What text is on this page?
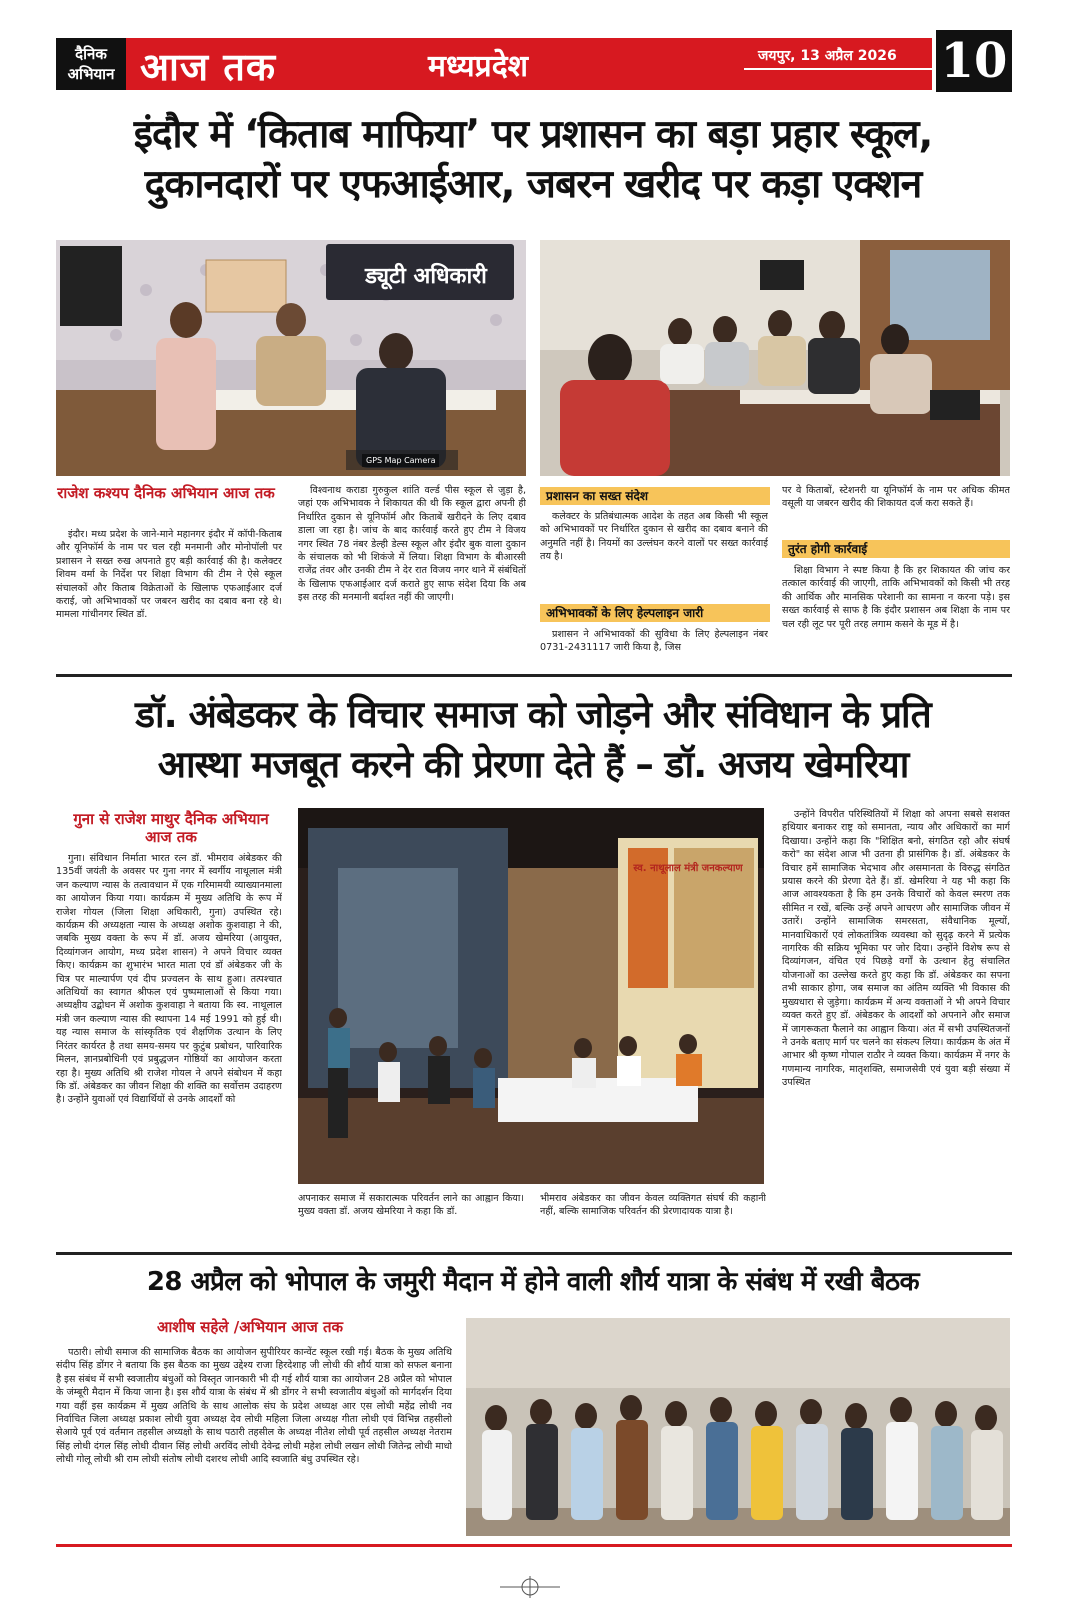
दैनिक
अभियान आज तक	मध्यप्रदेश	जयपुर, 13 अप्रैल 2026 10
इंदौर में ‘किताब माफिया’ पर प्रशासन का बड़ा प्रहार स्कूल,
दुकानदारों पर एफआईआर, जबरन खरीद पर कड़ा एक्शन
GPS Map Camera
ड्यूटी अधिकारी
राजेश कश्यप दैनिक अभियान आज तक

इंदौर। मध्य प्रदेश के जाने-माने महानगर इंदौर में कॉपी-किताब और यूनिफॉर्म के नाम पर चल रही मनमानी और मोनोपॉली पर प्रशासन ने सख्त रुख अपनाते हुए बड़ी कार्रवाई की है। कलेक्टर शिवम वर्मा के निर्देश पर शिक्षा विभाग की टीम ने ऐसे स्कूल संचालकों और किताब विक्रेताओं के खिलाफ एफआईआर दर्ज कराई, जो अभिभावकों पर जबरन खरीद का दबाव बना रहे थे। मामला गांधीनगर स्थित डॉ.

विश्वनाथ कराडा गुरुकुल शांति वर्ल्ड पीस स्कूल से जुड़ा है, जहां एक अभिभावक ने शिकायत की थी कि स्कूल द्वारा अपनी ही निर्धारित दुकान से यूनिफॉर्म और किताबें खरीदने के लिए दबाव डाला जा रहा है। जांच के बाद कार्रवाई करते हुए टीम ने विजय नगर स्थित 78 नंबर डेल्ही डेल्स स्कूल और इंदौर बुक वाला दुकान के संचालक को भी शिकंजे में लिया। शिक्षा विभाग के बीआरसी राजेंद्र तंवर और उनकी टीम ने देर रात विजय नगर थाने में संबंधितों के खिलाफ एफआईआर दर्ज कराते हुए साफ संदेश दिया कि अब इस तरह की मनमानी बर्दाश्त नहीं की जाएगी।

प्रशासन का सख्त संदेश

कलेक्टर के प्रतिबंधात्मक आदेश के तहत अब किसी भी स्कूल को अभिभावकों पर निर्धारित दुकान से खरीद का दबाव बनाने की अनुमति नहीं है। नियमों का उल्लंघन करने वालों पर सख्त कार्रवाई तय है।

अभिभावकों के लिए हेल्पलाइन जारी

प्रशासन ने अभिभावकों की सुविधा के लिए हेल्पलाइन नंबर 0731-2431117 जारी किया है, जिस

पर वे किताबों, स्टेशनरी या यूनिफॉर्म के नाम पर अधिक कीमत वसूली या जबरन खरीद की शिकायत दर्ज करा सकते हैं।

तुरंत होगी कार्रवाई

शिक्षा विभाग ने स्पष्ट किया है कि हर शिकायत की जांच कर तत्काल कार्रवाई की जाएगी, ताकि अभिभावकों को किसी भी तरह की आर्थिक और मानसिक परेशानी का सामना न करना पड़े। इस सख्त कार्रवाई से साफ है कि इंदौर प्रशासन अब शिक्षा के नाम पर चल रही लूट पर पूरी तरह लगाम कसने के मूड में है।

डॉ. अंबेडकर के विचार समाज को जोड़ने और संविधान के प्रति
आस्था मजबूत करने की प्रेरणा देते हैं – डॉ. अजय खेमरिया
गुना से राजेश माथुर दैनिक अभियान आज तक

गुना। संविधान निर्माता भारत रत्न डॉ. भीमराव अंबेडकर की 135वीं जयंती के अवसर पर गुना नगर में स्वर्गीय नाथूलाल मंत्री जन कल्याण न्यास के तत्वावधान में एक गरिमामयी व्याख्यानमाला का आयोजन किया गया। कार्यक्रम में मुख्य अतिथि के रूप में राजेश गोयल (जिला शिक्षा अधिकारी, गुना) उपस्थित रहे। कार्यक्रम की अध्यक्षता न्यास के अध्यक्ष अशोक कुशवाहा ने की, जबकि मुख्य वक्ता के रूप में डॉ. अजय खेमरिया (आयुक्त, दिव्यांगजन आयोग, मध्य प्रदेश शासन) ने अपने विचार व्यक्त किए। कार्यक्रम का शुभारंभ भारत माता एवं डॉ अंबेडकर जी के चित्र पर माल्यार्पण एवं दीप प्रज्वलन के साथ हुआ। तत्पश्चात अतिथियों का स्वागत श्रीफल एवं पुष्पमालाओं से किया गया। अध्यक्षीय उद्बोधन में अशोक कुशवाहा ने बताया कि स्व. नाथूलाल मंत्री जन कल्याण न्यास की स्थापना 14 मई 1991 को हुई थी। यह न्यास समाज के सांस्कृतिक एवं शैक्षणिक उत्थान के लिए निरंतर कार्यरत है तथा समय-समय पर कुटुंब प्रबोधन, पारिवारिक मिलन, ज्ञानप्रबोधिनी एवं प्रबुद्धजन गोष्ठियों का आयोजन करता रहा है। मुख्य अतिथि श्री राजेश गोयल ने अपने संबोधन में कहा कि डॉ. अंबेडकर का जीवन शिक्षा की शक्ति का सर्वोत्तम उदाहरण है। उन्होंने युवाओं एवं विद्यार्थियों से उनके आदर्शों को

स्व. नाथूलाल मंत्री जनकल्याण

अपनाकर समाज में सकारात्मक परिवर्तन लाने का आह्वान किया। मुख्य वक्ता डॉ. अजय खेमरिया ने कहा कि डॉ.

भीमराव अंबेडकर का जीवन केवल व्यक्तिगत संघर्ष की कहानी नहीं, बल्कि सामाजिक परिवर्तन की प्रेरणादायक यात्रा है।

उन्होंने विपरीत परिस्थितियों में शिक्षा को अपना सबसे सशक्त हथियार बनाकर राष्ट्र को समानता, न्याय और अधिकारों का मार्ग दिखाया। उन्होंने कहा कि "शिक्षित बनो, संगठित रहो और संघर्ष करो" का संदेश आज भी उतना ही प्रासंगिक है। डॉ. अंबेडकर के विचार हमें सामाजिक भेदभाव और असमानता के विरुद्ध संगठित प्रयास करने की प्रेरणा देते हैं। डॉ. खेमरिया ने यह भी कहा कि आज आवश्यकता है कि हम उनके विचारों को केवल स्मरण तक सीमित न रखें, बल्कि उन्हें अपने आचरण और सामाजिक जीवन में उतारें। उन्होंने सामाजिक समरसता, संवैधानिक मूल्यों, मानवाधिकारों एवं लोकतांत्रिक व्यवस्था को सुदृढ़ करने में प्रत्येक नागरिक की सक्रिय भूमिका पर जोर दिया। उन्होंने विशेष रूप से दिव्यांगजन, वंचित एवं पिछड़े वर्गों के उत्थान हेतु संचालित योजनाओं का उल्लेख करते हुए कहा कि डॉ. अंबेडकर का सपना तभी साकार होगा, जब समाज का अंतिम व्यक्ति भी विकास की मुख्यधारा से जुड़ेगा। कार्यक्रम में अन्य वक्ताओं ने भी अपने विचार व्यक्त करते हुए डॉ. अंबेडकर के आदर्शों को अपनाने और समाज में जागरूकता फैलाने का आह्वान किया। अंत में सभी उपस्थितजनों ने उनके बताए मार्ग पर चलने का संकल्प लिया। कार्यक्रम के अंत में आभार श्री कृष्ण गोपाल राठौर ने व्यक्त किया। कार्यक्रम में नगर के गणमान्य नागरिक, मातृशक्ति, समाजसेवी एवं युवा बड़ी संख्या में उपस्थित

28 अप्रैल को भोपाल के जमुरी मैदान में होने वाली शौर्य यात्रा के संबंध में रखी बैठक
आशीष सहेले /अभियान आज तक

पठारी। लोधी समाज की सामाजिक बैठक का आयोजन सुपीरियर कान्वेंट स्कूल रखी गई। बैठक के मुख्य अतिथि संदीप सिंह डोंगर ने बताया कि इस बैठक का मुख्य उद्देश्य राजा हिरदेशाह जी लोधी की शौर्य यात्रा को सफल बनाना है इस संबंध में सभी स्वजातीय बंधुओं को विस्तृत जानकारी भी दी गई शौर्य यात्रा का आयोजन 28 अप्रैल को भोपाल के जंम्बूरी मैदान में किया जाना है। इस शौर्य यात्रा के संबंध में श्री डोंगर ने सभी स्वजातीय बंधुओं को मार्गदर्शन दिया गया वहीं इस कार्यक्रम में मुख्य अतिथि के साथ आलोक संघ के प्रदेश अध्यक्ष आर एस लोधी महेंद्र लोधी नव निर्वाचित जिला अध्यक्ष प्रकाश लोधी युवा अध्यक्ष देव लोधी महिला जिला अध्यक्ष गीता लोधी एवं विभिन्न तहसीलो सेआये पूर्व एवं वर्तमान तहसील अध्यक्षो के साथ पठारी तहसील के अध्यक्ष नीतेश लोधी पूर्व तहसील अध्यक्ष नेतराम सिंह लोधी दंगल सिंह लोधी दीवान सिंह लोधी अरविंद लोधी देवेन्द्र लोधी महेश लोधी लखन लोधी जितेन्द्र लोधी माधो लोधी गोलू लोधी श्री राम लोधी संतोष लोधी दशरथ लोधी आदि स्वजाति बंधु उपस्थित रहे।
